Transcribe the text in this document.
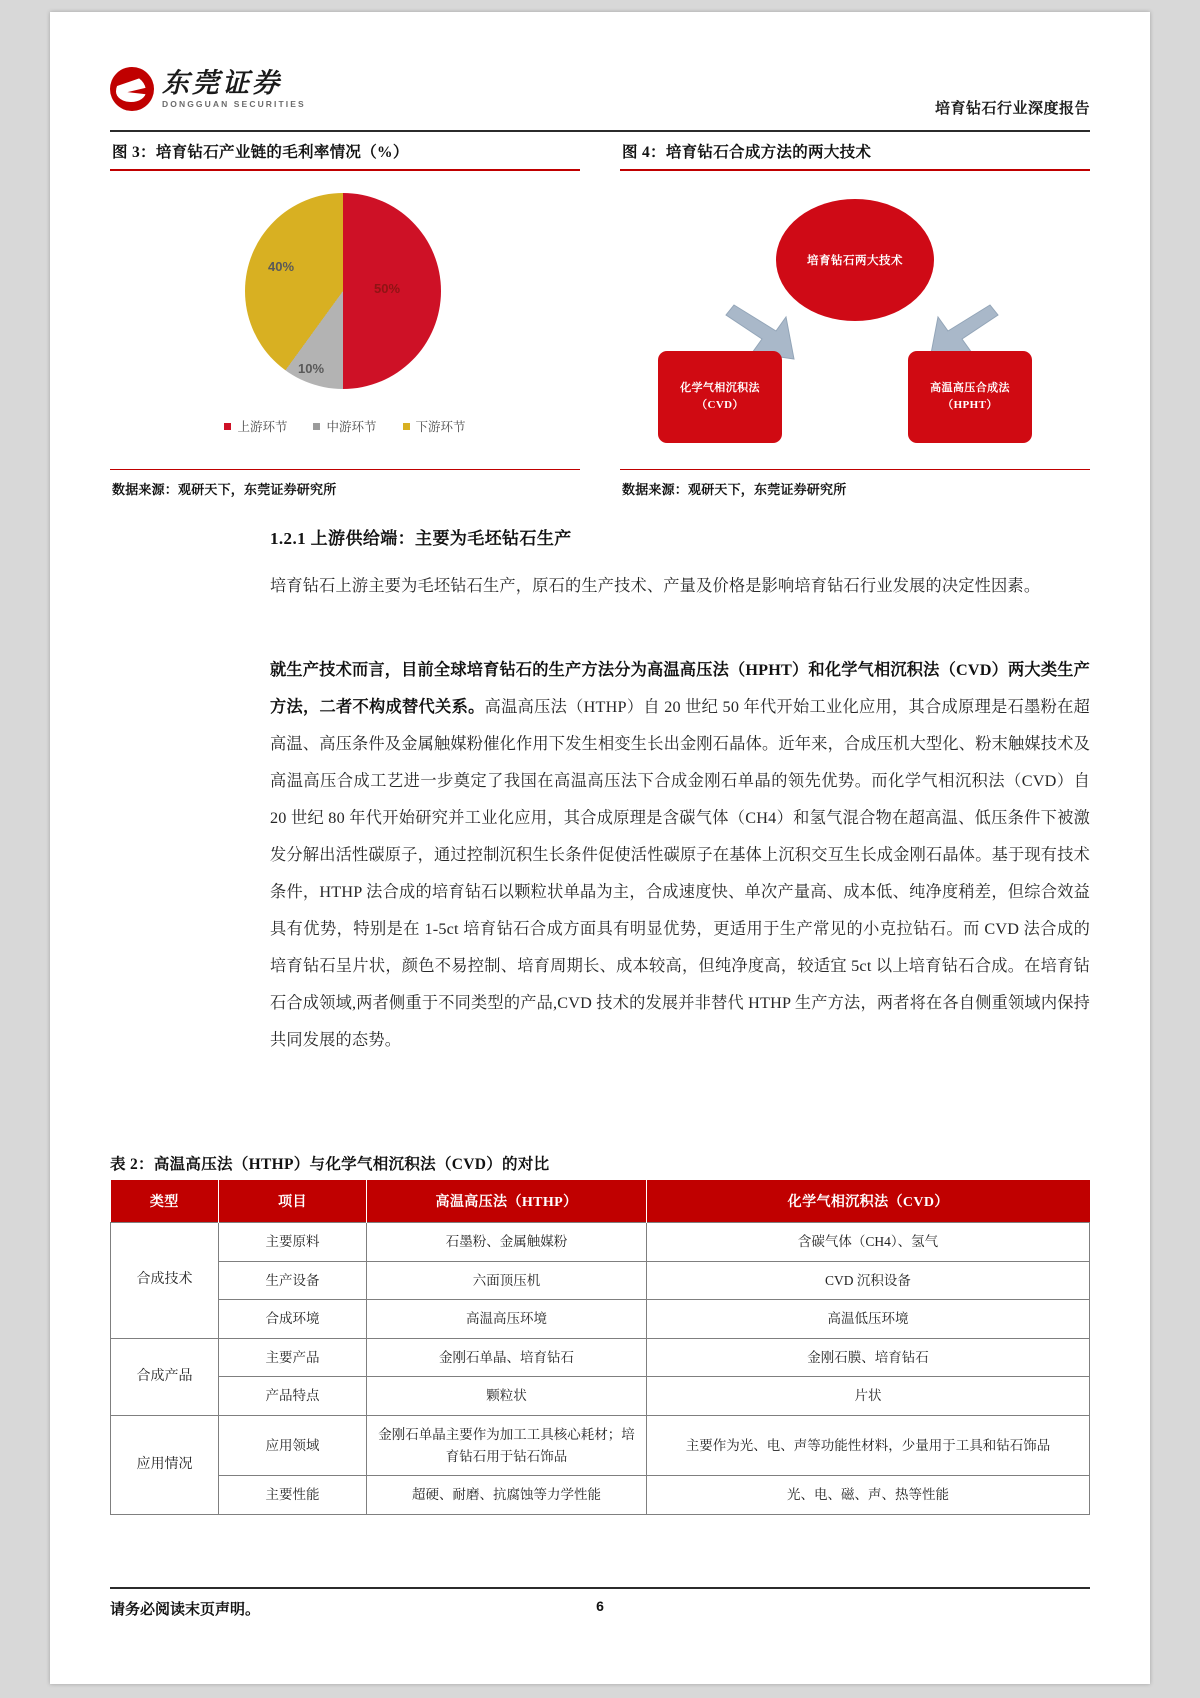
东莞证券
DONGGUAN SECURITIES	培育钻石行业深度报告
图 3：培育钻石产业链的毛利率情况（%）
50%
10%
40%
上游环节	中游环节	下游环节
数据来源：观研天下，东莞证券研究所
图 4：培育钻石合成方法的两大技术
培育钻石两大技术
化学气相沉积法
（CVD）
高温高压合成法
（HPHT）
数据来源：观研天下，东莞证券研究所
1.2.1 上游供给端：主要为毛坯钻石生产
培育钻石上游主要为毛坯钻石生产，原石的生产技术、产量及价格是影响培育钻石行业发展的决定性因素。
就生产技术而言，目前全球培育钻石的生产方法分为高温高压法（HPHT）和化学气相沉积法（CVD）两大类生产方法，二者不构成替代关系。高温高压法（HTHP）自 20 世纪 50 年代开始工业化应用，其合成原理是石墨粉在超高温、高压条件及金属触媒粉催化作用下发生相变生长出金刚石晶体。近年来，合成压机大型化、粉末触媒技术及高温高压合成工艺进一步奠定了我国在高温高压法下合成金刚石单晶的领先优势。而化学气相沉积法（CVD）自 20 世纪 80 年代开始研究并工业化应用，其合成原理是含碳气体（CH4）和氢气混合物在超高温、低压条件下被激发分解出活性碳原子，通过控制沉积生长条件促使活性碳原子在基体上沉积交互生长成金刚石晶体。基于现有技术条件，HTHP 法合成的培育钻石以颗粒状单晶为主，合成速度快、单次产量高、成本低、纯净度稍差，但综合效益具有优势，特别是在 1-5ct 培育钻石合成方面具有明显优势，更适用于生产常见的小克拉钻石。而 CVD 法合成的培育钻石呈片状，颜色不易控制、培育周期长、成本较高，但纯净度高，较适宜 5ct 以上培育钻石合成。在培育钻石合成领域,两者侧重于不同类型的产品,CVD 技术的发展并非替代 HTHP 生产方法，两者将在各自侧重领域内保持共同发展的态势。
表 2：高温高压法（HTHP）与化学气相沉积法（CVD）的对比
类型	项目	高温高压法（HTHP）	化学气相沉积法（CVD）
合成技术	主要原料	石墨粉、金属触媒粉	含碳气体（CH4）、氢气
	生产设备	六面顶压机	CVD 沉积设备
	合成环境	高温高压环境	高温低压环境
合成产品	主要产品	金刚石单晶、培育钻石	金刚石膜、培育钻石
	产品特点	颗粒状	片状
应用情况	应用领域	金刚石单晶主要作为加工工具核心耗材；培育钻石用于钻石饰品	主要作为光、电、声等功能性材料，少量用于工具和钻石饰品
	主要性能	超硬、耐磨、抗腐蚀等力学性能	光、电、磁、声、热等性能
请务必阅读末页声明。	6
